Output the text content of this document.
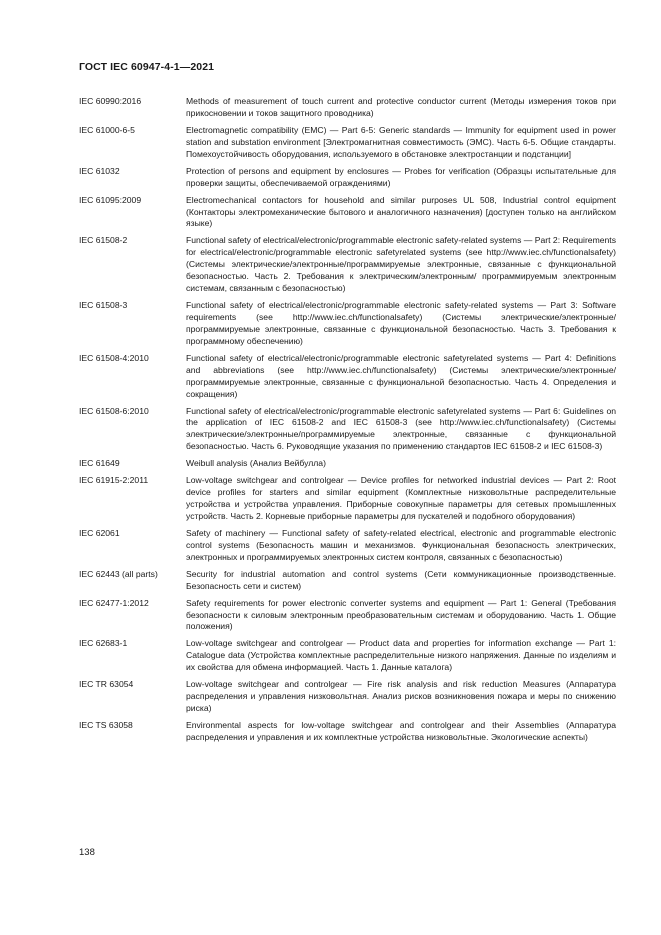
ГОСТ IEC 60947-4-1—2021
IEC 60990:2016	Methods of measurement of touch current and protective conductor current (Методы измерения токов при прикосновении и токов защитного проводника)
IEC 61000-6-5	Electromagnetic compatibility (EMC) — Part 6-5: Generic standards — Immunity for equipment used in power station and substation environment [Электромагнитная совместимость (ЭМС). Часть 6-5. Общие стандарты. Помехоустойчивость оборудования, используемого в обстановке электростанции и подстанции]
IEC 61032	Protection of persons and equipment by enclosures — Probes for verification (Образцы испытательные для проверки защиты, обеспечиваемой ограждениями)
IEC 61095:2009	Electromechanical contactors for household and similar purposes UL 508, Industrial control equipment (Контакторы электромеханические бытового и аналогичного назначения) [доступен только на английском языке)
IEC 61508-2	Functional safety of electrical/electronic/programmable electronic safety-related systems — Part 2: Requirements for electrical/electronic/programmable electronic safetyrelated systems (see http://www.iec.ch/functionalsafety) (Системы электрические/электронные/программируемые электронные, связанные с функциональной безопасностью. Часть 2. Требования к электрическим/электронным/ программируемым электронным системам, связанным с безопасностью)
IEC 61508-3	Functional safety of electrical/electronic/programmable electronic safety-related systems — Part 3: Software requirements (see http://www.iec.ch/functionalsafety) (Системы электрические/электронные/программируемые электронные, связанные с функциональной безопасностью. Часть 3. Требования к программному обеспечению)
IEC 61508-4:2010	Functional safety of electrical/electronic/programmable electronic safetyrelated systems — Part 4: Definitions and abbreviations (see http://www.iec.ch/functionalsafety) (Системы электрические/электронные/программируемые электронные, связанные с функциональной безопасностью. Часть 4. Определения и сокращения)
IEC 61508-6:2010	Functional safety of electrical/electronic/programmable electronic safetyrelated systems — Part 6: Guidelines on the application of IEC 61508-2 and IEC 61508-3 (see http://www.iec.ch/functionalsafety) (Системы электрические/электронные/программируемые электронные, связанные с функциональной безопасностью. Часть 6. Руководящие указания по применению стандартов IEC 61508-2 и IEC 61508-3)
IEC 61649	Weibull analysis (Анализ Вейбулла)
IEC 61915-2:2011	Low-voltage switchgear and controlgear — Device profiles for networked industrial devices — Part 2: Root device profiles for starters and similar equipment (Комплектные низковольтные распределительные устройства и устройства управления. Приборные совокупные параметры для сетевых промышленных устройств. Часть 2. Корневые приборные параметры для пускателей и подобного оборудования)
IEC 62061	Safety of machinery — Functional safety of safety-related electrical, electronic and programmable electronic control systems (Безопасность машин и механизмов. Функциональная безопасность электрических, электронных и программируемых электронных систем контроля, связанных с безопасностью)
IEC 62443 (all parts)	Security for industrial automation and control systems (Сети коммуникационные производственные. Безопасность сети и систем)
IEC 62477-1:2012	Safety requirements for power electronic converter systems and equipment — Part 1: General (Требования безопасности к силовым электронным преобразовательным системам и оборудованию. Часть 1. Общие положения)
IEC 62683-1	Low-voltage switchgear and controlgear — Product data and properties for information exchange — Part 1: Catalogue data (Устройства комплектные распределительные низкого напряжения. Данные по изделиям и их свойства для обмена информацией. Часть 1. Данные каталога)
IEC TR 63054	Low-voltage switchgear and controlgear — Fire risk analysis and risk reduction Measures (Аппаратура распределения и управления низковольтная. Анализ рисков возникновения пожара и меры по снижению риска)
IEC TS 63058	Environmental aspects for low-voltage switchgear and controlgear and their Assemblies (Аппаратура распределения и управления и их комплектные устройства низковольтные. Экологические аспекты)
138
